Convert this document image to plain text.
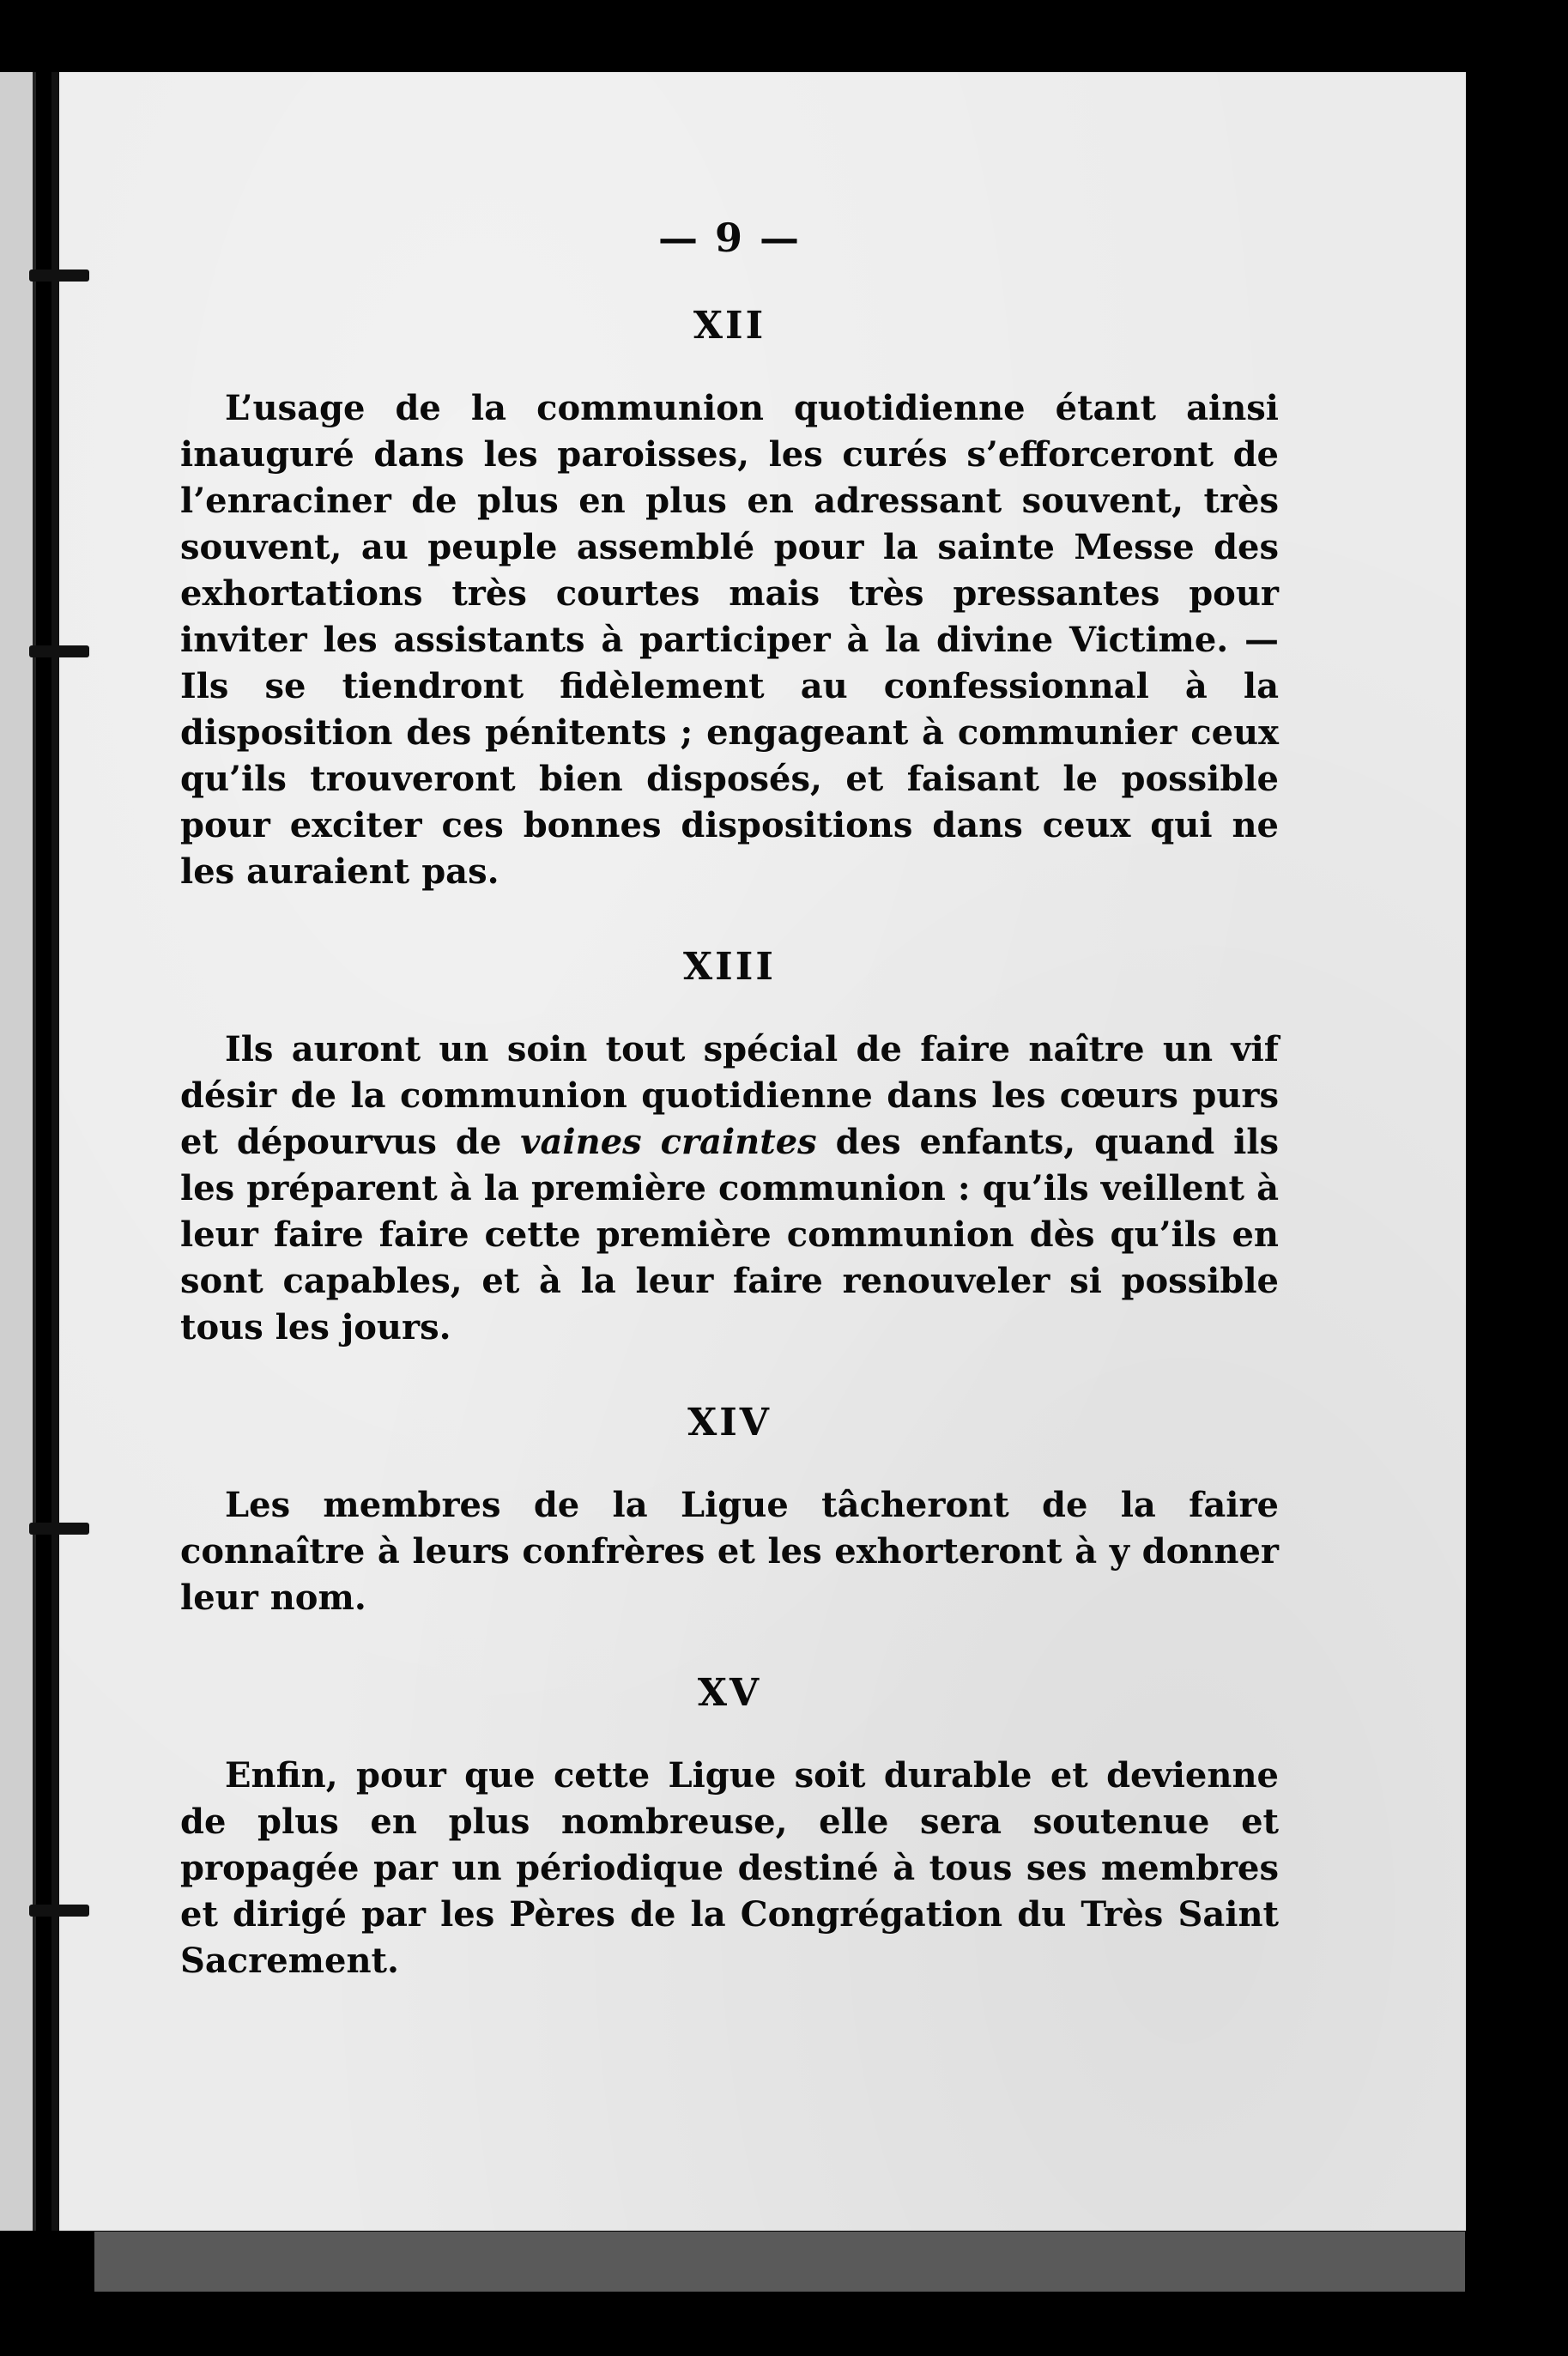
— 9 —
XII

L’usage de la communion quotidienne étant ainsi inauguré dans les paroisses, les curés s’efforceront de l’enraciner de plus en plus en adressant souvent, très souvent, au peuple assemblé pour la sainte Messe des exhortations très courtes mais très pressantes pour inviter les assistants à participer à la divine Victime. — Ils se tiendront fidèlement au confessionnal à la disposition des pénitents ; engageant à communier ceux qu’ils trouveront bien disposés, et faisant le possible pour exciter ces bonnes dispositions dans ceux qui ne les auraient pas.

XIII

Ils auront un soin tout spécial de faire naître un vif désir de la communion quotidienne dans les cœurs purs et dépourvus de vaines craintes des enfants, quand ils les préparent à la première communion : qu’ils veillent à leur faire faire cette première communion dès qu’ils en sont capables, et à la leur faire renouveler si possible tous les jours.

XIV

Les membres de la Ligue tâcheront de la faire connaître à leurs confrères et les exhorteront à y donner leur nom.

XV

Enfin, pour que cette Ligue soit durable et devienne de plus en plus nombreuse, elle sera soutenue et propagée par un périodique destiné à tous ses membres et dirigé par les Pères de la Congrégation du Très Saint Sacrement.
